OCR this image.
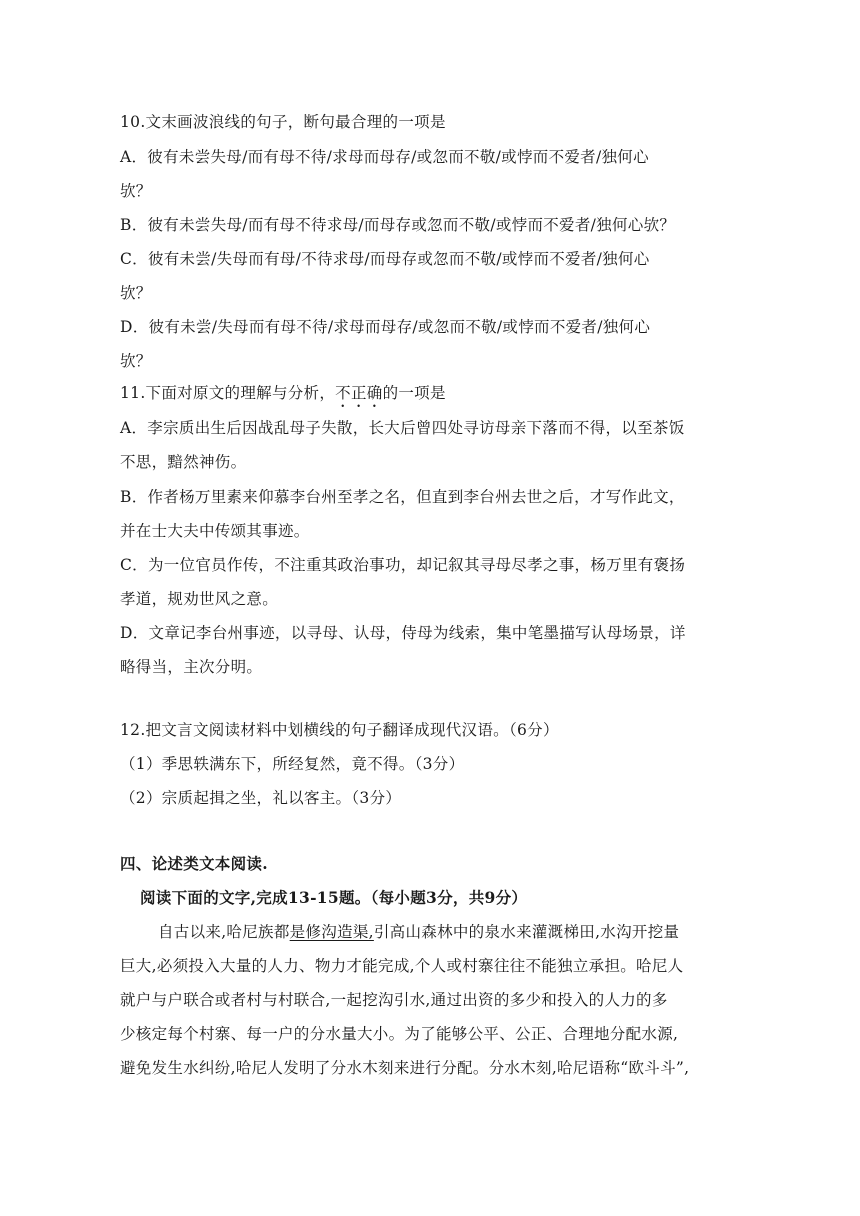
10.文末画波浪线的句子，断句最合理的一项是
A．彼有未尝失母/而有母不待/求母而母存/或忽而不敬/或悖而不爱者/独何心
欤？
B．彼有未尝失母/而有母不待求母/而母存或忽而不敬/或悖而不爱者/独何心欤？
C．彼有未尝/失母而有母/不待求母/而母存或忽而不敬/或悖而不爱者/独何心
欤？
D．彼有未尝/失母而有母不待/求母而母存/或忽而不敬/或悖而不爱者/独何心
欤？
11.下面对原文的理解与分析，不正确的一项是
A．李宗质出生后因战乱母子失散，长大后曾四处寻访母亲下落而不得，以至茶饭
不思，黯然神伤。
B．作者杨万里素来仰慕李台州至孝之名，但直到李台州去世之后，才写作此文，
并在士大夫中传颂其事迹。
C．为一位官员作传，不注重其政治事功，却记叙其寻母尽孝之事，杨万里有褒扬
孝道，规劝世风之意。
D．文章记李台州事迹，以寻母、认母，侍母为线索，集中笔墨描写认母场景，详
略得当，主次分明。
12.把文言文阅读材料中划横线的句子翻译成现代汉语。（6分）
（1）季思轶满东下，所经复然，竟不得。（3分）
（2）宗质起揖之坐，礼以客主。（3分）
四、论述类文本阅读.
阅读下面的文字,完成13-15题。（每小题3分，共9分）
自古以来,哈尼族都是修沟造渠,引高山森林中的泉水来灌溉梯田,水沟开挖量
巨大,必须投入大量的人力、物力才能完成,个人或村寨往往不能独立承担。哈尼人
就户与户联合或者村与村联合,一起挖沟引水,通过出资的多少和投入的人力的多
少核定每个村寨、每一户的分水量大小。为了能够公平、公正、合理地分配水源,
避免发生水纠纷,哈尼人发明了分水木刻来进行分配。分水木刻,哈尼语称“欧斗斗”,
